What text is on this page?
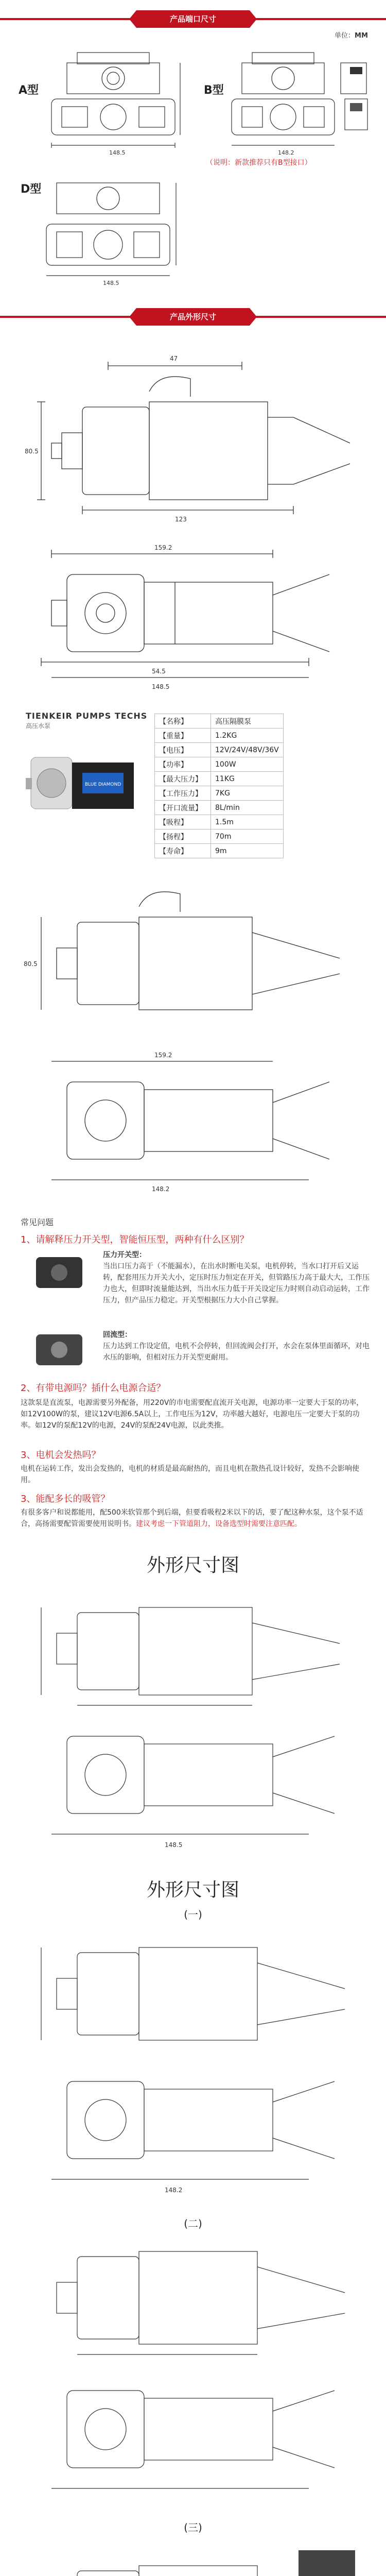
产品端口尺寸
单位：MM
A型
148.5
B型
148.2
D型
148.5
（说明：新款推荐只有B型接口）
产品外形尺寸
47
80.5
123
159.2
54.5
148.5
TIENKEIR PUMPS TECHS
高压水泵
BLUE DIAMOND
【名称】	高压隔膜泵
【重量】	1.2KG
【电压】	12V/24V/48V/36V
【功率】	100W
【最大压力】	11KG
【工作压力】	7KG
【开口流量】	8L/min
【吸程】	1.5m
【扬程】	70m
【寿命】	9m
80.5
159.2
148.2
常见问题
1、请解释压力开关型，智能恒压型，两种有什么区别？
压力开关型：
当出口压力高于（不能漏水），在出水时断电关泵，电机停转，当水口打开后又运转，配套用压力开关大小，定压时压力恒定在开关，但管路压力高于最大大，工作压力也大，但即时流量能达到，当出水压力低于开关设定压力时则自动启动运转，工作压力，但产品压力稳定。开关型根据压力大小自己掌握。
回流型：
压力达到工作设定值，电机不会停转，但回流阀会打开，水会在泵体里面循环，对电水压的影响，但相对压力开关型更耐用。
2、有带电源吗？插什么电源合适？
这款泵是直流泵，电源需要另外配备，用220V的市电需要配直流开关电源，电源功率一定要大于泵的功率，如12V100W的泵，建议12V电源6.5A以上，工作电压为12V，功率越大越好，电源电压一定要大于泵的功率。如12V的泵配12V的电源，24V的泵配24V电源，以此类推。
3、电机会发热吗？
电机在运转工作，发出会发热的，电机的材质是最高耐热的，而且电机在散热孔设计较好，发热不会影响使用。
3、能配多长的吸管？
有很多客户和说都能用，配500米软管那个到后端，但要看吸程2米以下的话，要了配这种水泵，这个泵不适合，高扬需要配管需要使用说明书。建议考虑一下管道阻力，设备选型时需要注意匹配。
外形尺寸图
148.5
外形尺寸图
(一)
148.2
(二)
(三)
